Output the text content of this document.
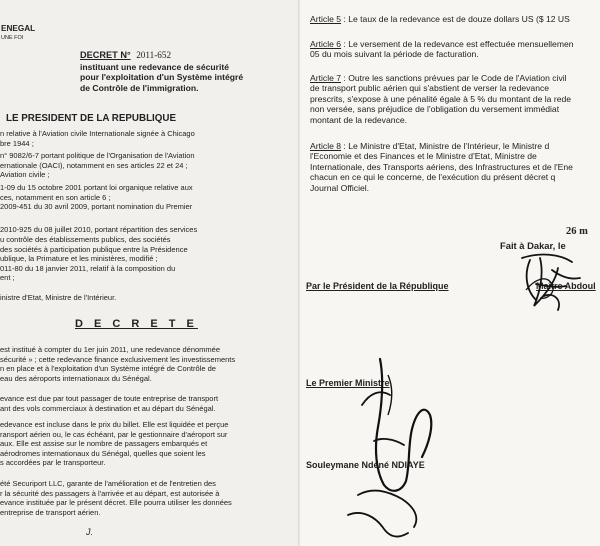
ENEGAL
UNE FOI
DECRET N° 2011-652
instituant une redevance de sécurité
pour l'exploitation d'un Système intégré
de Contrôle de l'immigration.
LE PRESIDENT DE LA REPUBLIQUE
n relative à l'Aviation civile Internationale signée à Chicago
bre 1944 ;
n° 9082/6-7 portant politique de l'Organisation de l'Aviation
ernationale (OACI), notamment en ses articles 22 et 24 ;
Aviation civile ;
1-09 du 15 octobre 2001 portant loi organique relative aux
ces, notamment en son article 6 ;
2009-451 du 30 avril 2009, portant nomination du Premier
2010-925 du 08 juillet 2010, portant répartition des services
u contrôle des établissements publics, des sociétés
des sociétés à participation publique entre la Présidence
ublique, la Primature et les ministères, modifié ;
011-80 du 18 janvier 2011, relatif à la composition du
ent ;
inistre d'Etat, Ministre de l'Intérieur.
D E C R E T E
est institué à compter du 1er juin 2011, une redevance dénommée
sécurité » ; cette redevance finance exclusivement les investissements
n en place et à l'exploitation d'un Système intégré de Contrôle de
eau des aéroports internationaux du Sénégal.
evance est due par tout passager de toute entreprise de transport
ant des vols commerciaux à destination et au départ du Sénégal.
edevance est incluse dans le prix du billet. Elle est liquidée et perçue
ransport aérien ou, le cas échéant, par le gestionnaire d'aéroport sur
aux. Elle est assise sur le nombre de passagers embarqués et
aérodromes internationaux du Sénégal, quelles que soient les
s accordées par le transporteur.
été Securiport LLC, garante de l'amélioration et de l'entretien des
r la sécurité des passagers à l'arrivée et au départ, est autorisée à
evance instituée par le présent décret. Elle pourra utiliser les données
entreprise de transport aérien.
J.
Article 5 : Le taux de la redevance est de douze dollars US ($ 12 US
Article 6 : Le versement de la redevance est effectuée mensuellemen
05 du mois suivant la période de facturation.
Article 7 : Outre les sanctions prévues par le Code de l'Aviation civil
de transport public aérien qui s'abstient de verser la redevance
prescrits, s'expose à une pénalité égale à 5 % du montant de la rede
non versée, sans préjudice de l'obligation du versement immédiat
montant de la redevance.
Article 8 : Le Ministre d'Etat, Ministre de l'Intérieur, le Ministre d
l'Economie et des Finances et le Ministre d'Etat, Ministre de
Internationale, des Transports aériens, des Infrastructures et de l'Ene
chacun en ce qui le concerne, de l'exécution du présent décret q
Journal Officiel.
26 m
Fait à Dakar, le
Par le Président de la République	Maître Abdoul
Le Premier Ministre
Souleymane Ndéné NDIAYE
